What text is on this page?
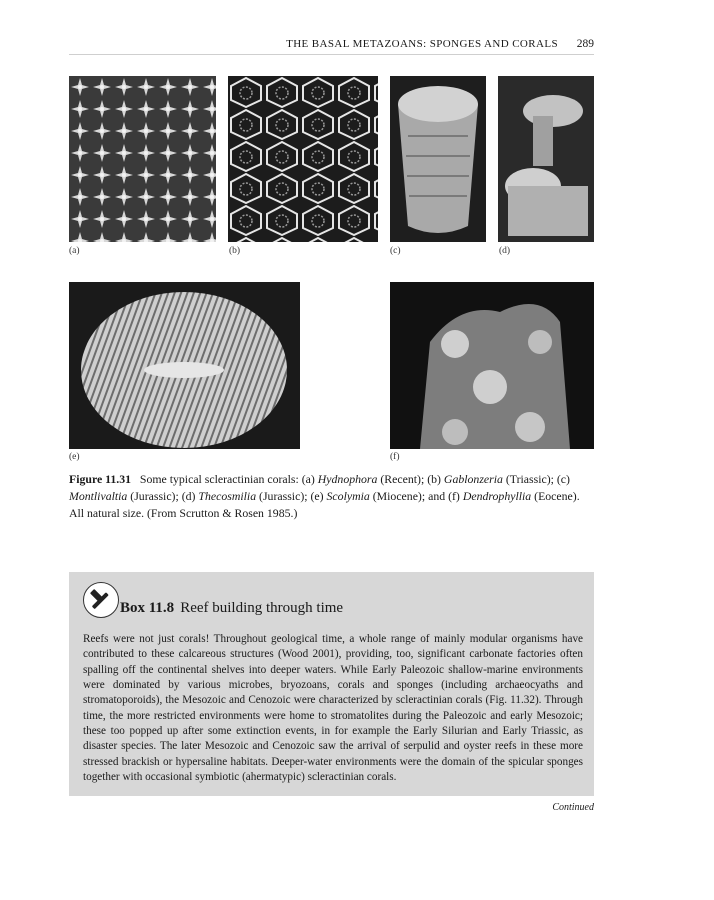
THE BASAL METAZOANS: SPONGES AND CORALS 289
(a)	(b)	(c)	(d)
(e)	(f)
Figure 11.31 Some typical scleractinian corals: (a) Hydnophora (Recent); (b) Gablonzeria (Triassic); (c) Montlivaltia (Jurassic); (d) Thecosmilia (Jurassic); (e) Scolymia (Miocene); and (f) Dendrophyllia (Eocene). All natural size. (From Scrutton & Rosen 1985.)
Box 11.8 Reef building through time
Reefs were not just corals! Throughout geological time, a whole range of mainly modular organisms have contributed to these calcareous structures (Wood 2001), providing, too, significant carbonate factories often spalling off the continental shelves into deeper waters. While Early Paleozoic shallow-marine environments were dominated by various microbes, bryozoans, corals and sponges (including archaeocyaths and stromatoporoids), the Mesozoic and Cenozoic were characterized by scleractinian corals (Fig. 11.32). Through time, the more restricted environments were home to stromatolites during the Paleozoic and early Mesozoic; these too popped up after some extinction events, in for example the Early Silurian and Early Triassic, as disaster species. The later Mesozoic and Cenozoic saw the arrival of serpulid and oyster reefs in these more stressed brackish or hypersaline habitats. Deeper-water environments were the domain of the spicular sponges together with occasional symbiotic (ahermatypic) scleractinian corals.
Continued
